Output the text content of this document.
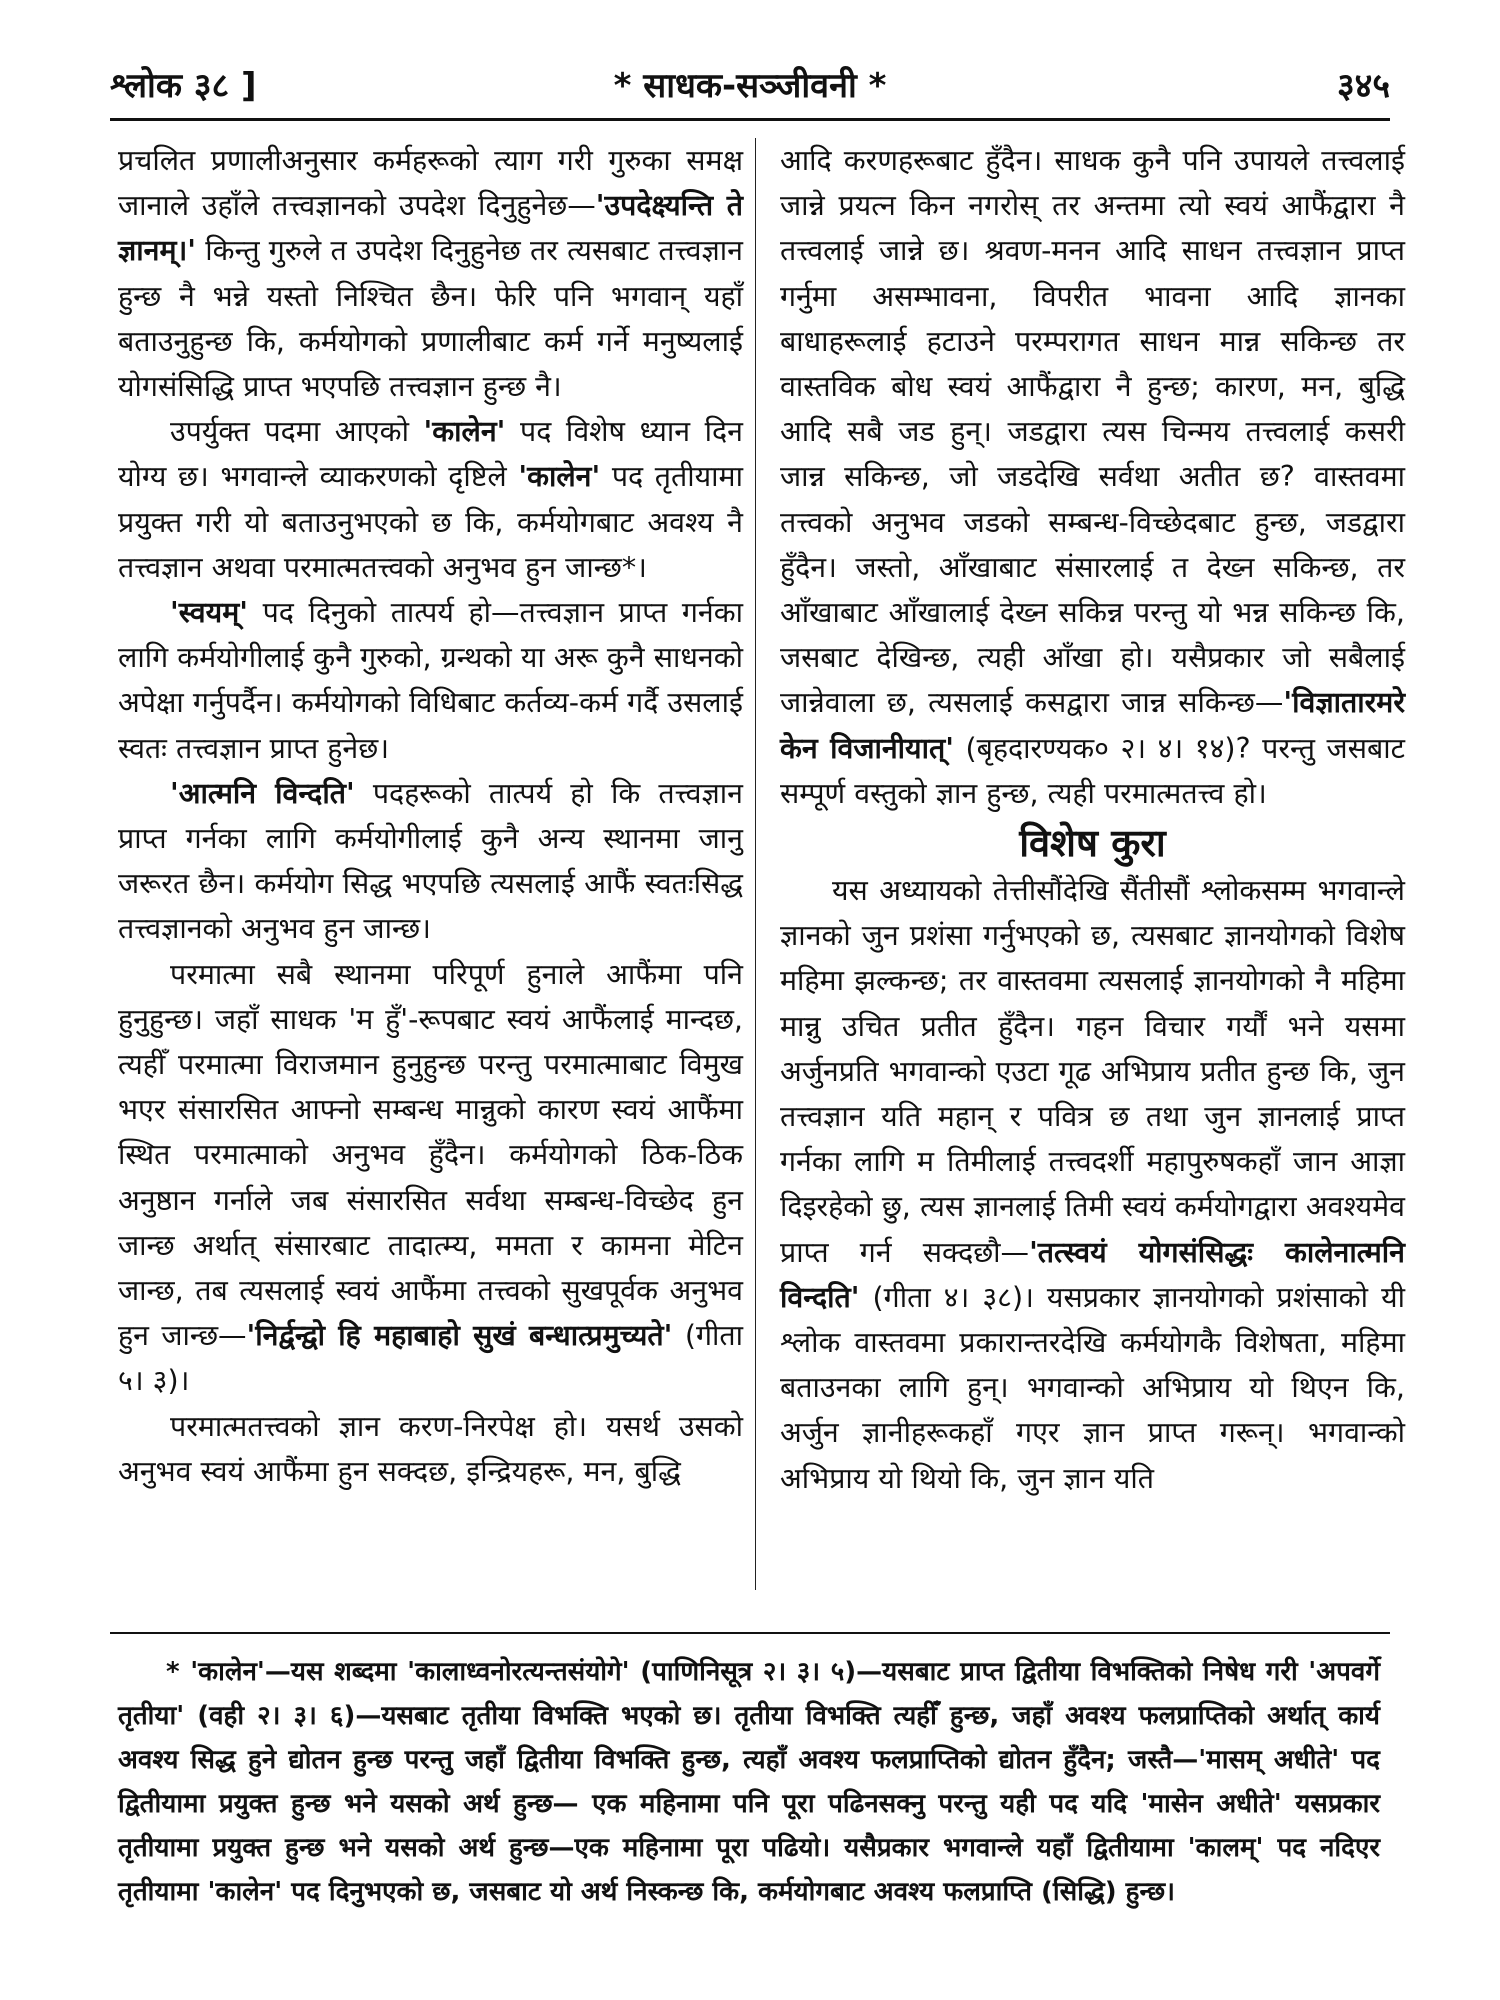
श्लोक ३८ ]	* साधक-सञ्जीवनी *	३४५

प्रचलित प्रणालीअनुसार कर्महरूको त्याग गरी गुरुका समक्ष जानाले उहाँले तत्त्वज्ञानको उपदेश दिनुहुनेछ—'उपदेक्ष्यन्ति ते ज्ञानम्।' किन्तु गुरुले त उपदेश दिनुहुनेछ तर त्यसबाट तत्त्वज्ञान हुन्छ नै भन्ने यस्तो निश्चित छैन। फेरि पनि भगवान् यहाँ बताउनुहुन्छ कि, कर्मयोगको प्रणालीबाट कर्म गर्ने मनुष्यलाई योगसंसिद्धि प्राप्त भएपछि तत्त्वज्ञान हुन्छ नै।

उपर्युक्त पदमा आएको 'कालेन' पद विशेष ध्यान दिन योग्य छ। भगवान्ले व्याकरणको दृष्टिले 'कालेन' पद तृतीयामा प्रयुक्त गरी यो बताउनुभएको छ कि, कर्मयोगबाट अवश्य नै तत्त्वज्ञान अथवा परमात्मतत्त्वको अनुभव हुन जान्छ*।

'स्वयम्' पद दिनुको तात्पर्य हो—तत्त्वज्ञान प्राप्त गर्नका लागि कर्मयोगीलाई कुनै गुरुको, ग्रन्थको या अरू कुनै साधनको अपेक्षा गर्नुपर्दैन। कर्मयोगको विधिबाट कर्तव्य-कर्म गर्दै उसलाई स्वतः तत्त्वज्ञान प्राप्त हुनेछ।

'आत्मनि विन्दति' पदहरूको तात्पर्य हो कि तत्त्वज्ञान प्राप्त गर्नका लागि कर्मयोगीलाई कुनै अन्य स्थानमा जानु जरूरत छैन। कर्मयोग सिद्ध भएपछि त्यसलाई आफैं स्वतःसिद्ध तत्त्वज्ञानको अनुभव हुन जान्छ।

परमात्मा सबै स्थानमा परिपूर्ण हुनाले आफैंमा पनि हुनुहुन्छ। जहाँ साधक 'म हुँ'-रूपबाट स्वयं आफैंलाई मान्दछ, त्यहीँ परमात्मा विराजमान हुनुहुन्छ परन्तु परमात्माबाट विमुख भएर संसारसित आफ्नो सम्बन्ध मान्नुको कारण स्वयं आफैंमा स्थित परमात्माको अनुभव हुँदैन। कर्मयोगको ठिक-ठिक अनुष्ठान गर्नाले जब संसारसित सर्वथा सम्बन्ध-विच्छेद हुन जान्छ अर्थात् संसारबाट तादात्म्य, ममता र कामना मेटिन जान्छ, तब त्यसलाई स्वयं आफैंमा तत्त्वको सुखपूर्वक अनुभव हुन जान्छ—'निर्द्वन्द्वो हि महाबाहो सुखं बन्धात्प्रमुच्यते' (गीता ५। ३)।

परमात्मतत्त्वको ज्ञान करण-निरपेक्ष हो। यसर्थ उसको अनुभव स्वयं आफैंमा हुन सक्दछ, इन्द्रियहरू, मन, बुद्धि

आदि करणहरूबाट हुँदैन। साधक कुनै पनि उपायले तत्त्वलाई जान्ने प्रयत्न किन नगरोस् तर अन्तमा त्यो स्वयं आफैंद्वारा नै तत्त्वलाई जान्ने छ। श्रवण-मनन आदि साधन तत्त्वज्ञान प्राप्त गर्नुमा असम्भावना, विपरीत भावना आदि ज्ञानका बाधाहरूलाई हटाउने परम्परागत साधन मान्न सकिन्छ तर वास्तविक बोध स्वयं आफैंद्वारा नै हुन्छ; कारण, मन, बुद्धि आदि सबै जड हुन्। जडद्वारा त्यस चिन्मय तत्त्वलाई कसरी जान्न सकिन्छ, जो जडदेखि सर्वथा अतीत छ? वास्तवमा तत्त्वको अनुभव जडको सम्बन्ध-विच्छेदबाट हुन्छ, जडद्वारा हुँदैन। जस्तो, आँखाबाट संसारलाई त देख्न सकिन्छ, तर आँखाबाट आँखालाई देख्न सकिन्न परन्तु यो भन्न सकिन्छ कि, जसबाट देखिन्छ, त्यही आँखा हो। यसैप्रकार जो सबैलाई जान्नेवाला छ, त्यसलाई कसद्वारा जान्न सकिन्छ—'विज्ञातारमरे केन विजानीयात्' (बृहदारण्यक० २। ४। १४)? परन्तु जसबाट सम्पूर्ण वस्तुको ज्ञान हुन्छ, त्यही परमात्मतत्त्व हो।

विशेष कुरा

यस अध्यायको तेत्तीसौंदेखि सैंतीसौं श्लोकसम्म भगवान्ले ज्ञानको जुन प्रशंसा गर्नुभएको छ, त्यसबाट ज्ञानयोगको विशेष महिमा झल्कन्छ; तर वास्तवमा त्यसलाई ज्ञानयोगको नै महिमा मान्नु उचित प्रतीत हुँदैन। गहन विचार गर्यौं भने यसमा अर्जुनप्रति भगवान्को एउटा गूढ अभिप्राय प्रतीत हुन्छ कि, जुन तत्त्वज्ञान यति महान् र पवित्र छ तथा जुन ज्ञानलाई प्राप्त गर्नका लागि म तिमीलाई तत्त्वदर्शी महापुरुषकहाँ जान आज्ञा दिइरहेको छु, त्यस ज्ञानलाई तिमी स्वयं कर्मयोगद्वारा अवश्यमेव प्राप्त गर्न सक्दछौ—'तत्स्वयं योगसंसिद्धः कालेनात्मनि विन्दति' (गीता ४। ३८)। यसप्रकार ज्ञानयोगको प्रशंसाको यी श्लोक वास्तवमा प्रकारान्तरदेखि कर्मयोगकै विशेषता, महिमा बताउनका लागि हुन्। भगवान्को अभिप्राय यो थिएन कि, अर्जुन ज्ञानीहरूकहाँ गएर ज्ञान प्राप्त गरून्। भगवान्को अभिप्राय यो थियो कि, जुन ज्ञान यति

* 'कालेन'—यस शब्दमा 'कालाध्वनोरत्यन्तसंयोगे' (पाणिनिसूत्र २। ३। ५)—यसबाट प्राप्त द्वितीया विभक्तिको निषेध गरी 'अपवर्गे तृतीया' (वही २। ३। ६)—यसबाट तृतीया विभक्ति भएको छ। तृतीया विभक्ति त्यहीँ हुन्छ, जहाँ अवश्य फलप्राप्तिको अर्थात् कार्य अवश्य सिद्ध हुने द्योतन हुन्छ परन्तु जहाँ द्वितीया विभक्ति हुन्छ, त्यहाँ अवश्य फलप्राप्तिको द्योतन हुँदैन; जस्तै—'मासम् अधीते' पद द्वितीयामा प्रयुक्त हुन्छ भने यसको अर्थ हुन्छ— एक महिनामा पनि पूरा पढिनसक्नु परन्तु यही पद यदि 'मासेन अधीते' यसप्रकार तृतीयामा प्रयुक्त हुन्छ भने यसको अर्थ हुन्छ—एक महिनामा पूरा पढियो। यसैप्रकार भगवान्ले यहाँ द्वितीयामा 'कालम्' पद नदिएर तृतीयामा 'कालेन' पद दिनुभएको छ, जसबाट यो अर्थ निस्कन्छ कि, कर्मयोगबाट अवश्य फलप्राप्ति (सिद्धि) हुन्छ।
